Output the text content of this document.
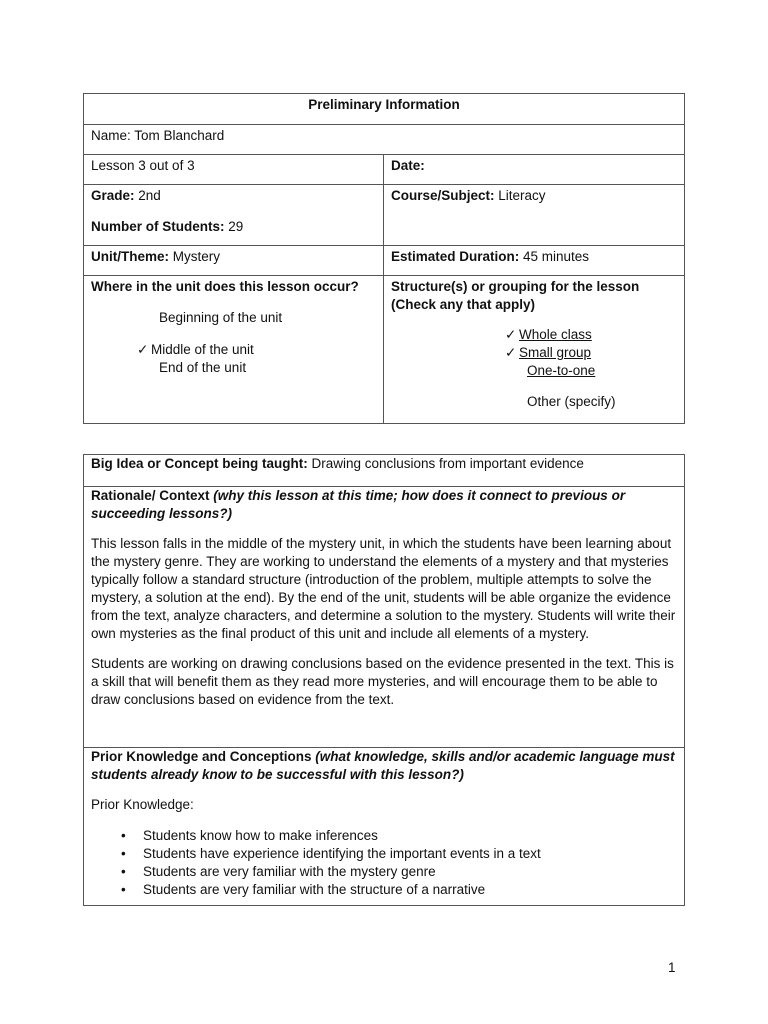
Preliminary Information
Name: Tom Blanchard
Lesson 3 out of 3	Date:
Grade: 2nd
Number of Students: 29
Course/Subject: Literacy
Unit/Theme: Mystery	Estimated Duration: 45 minutes
Where in the unit does this lesson occur?
Beginning of the unit
✓ Middle of the unit
End of the unit
Structure(s) or grouping for the lesson
(Check any that apply)
✓ Whole class
✓ Small group
One-to-one
Other (specify)
Big Idea or Concept being taught: Drawing conclusions from important evidence
Rationale/ Context (why this lesson at this time; how does it connect to previous or succeeding lessons?)
This lesson falls in the middle of the mystery unit, in which the students have been learning about the mystery genre. They are working to understand the elements of a mystery and that mysteries typically follow a standard structure (introduction of the problem, multiple attempts to solve the mystery, a solution at the end). By the end of the unit, students will be able organize the evidence from the text, analyze characters, and determine a solution to the mystery. Students will write their own mysteries as the final product of this unit and include all elements of a mystery.
Students are working on drawing conclusions based on the evidence presented in the text. This is a skill that will benefit them as they read more mysteries, and will encourage them to be able to draw conclusions based on evidence from the text.
Prior Knowledge and Conceptions (what knowledge, skills and/or academic language must students already know to be successful with this lesson?)
Prior Knowledge:
• Students know how to make inferences
• Students have experience identifying the important events in a text
• Students are very familiar with the mystery genre
• Students are very familiar with the structure of a narrative
1
